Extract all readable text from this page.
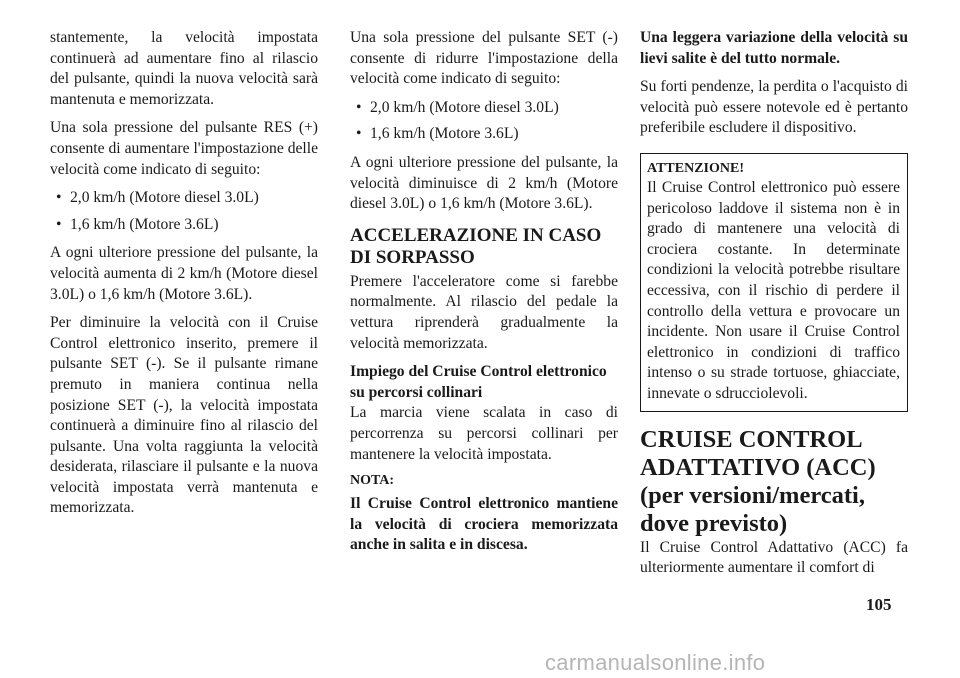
stantemente, la velocità impostata continuerà ad aumentare fino al rilascio del pulsante, quindi la nuova velocità sarà mantenuta e memorizzata.

Una sola pressione del pulsante RES (+) consente di aumentare l'impostazione delle velocità come indicato di seguito:

• 2,0 km/h (Motore diesel 3.0L)
• 1,6 km/h (Motore 3.6L)

A ogni ulteriore pressione del pulsante, la velocità aumenta di 2 km/h (Motore diesel 3.0L) o 1,6 km/h (Motore 3.6L).

Per diminuire la velocità con il Cruise Control elettronico inserito, premere il pulsante SET (-). Se il pulsante rimane premuto in maniera continua nella posizione SET (-), la velocità impostata continuerà a diminuire fino al rilascio del pulsante. Una volta raggiunta la velocità desiderata, rilasciare il pulsante e la nuova velocità impostata verrà mantenuta e memorizzata.

Una sola pressione del pulsante SET (-) consente di ridurre l'impostazione della velocità come indicato di seguito:

• 2,0 km/h (Motore diesel 3.0L)
• 1,6 km/h (Motore 3.6L)

A ogni ulteriore pressione del pulsante, la velocità diminuisce di 2 km/h (Motore diesel 3.0L) o 1,6 km/h (Motore 3.6L).

ACCELERAZIONE IN CASO DI SORPASSO

Premere l'acceleratore come si farebbe normalmente. Al rilascio del pedale la vettura riprenderà gradualmente la velocità memorizzata.

Impiego del Cruise Control elettronico su percorsi collinari

La marcia viene scalata in caso di percorrenza su percorsi collinari per mantenere la velocità impostata.

NOTA:

Il Cruise Control elettronico mantiene la velocità di crociera memorizzata anche in salita e in discesa.

Una leggera variazione della velocità su lievi salite è del tutto normale.

Su forti pendenze, la perdita o l'acquisto di velocità può essere notevole ed è pertanto preferibile escludere il dispositivo.

ATTENZIONE!

Il Cruise Control elettronico può essere pericoloso laddove il sistema non è in grado di mantenere una velocità di crociera costante. In determinate condizioni la velocità potrebbe risultare eccessiva, con il rischio di perdere il controllo della vettura e provocare un incidente. Non usare il Cruise Control elettronico in condizioni di traffico intenso o su strade tortuose, ghiacciate, innevate o sdrucciolevoli.

CRUISE CONTROL ADATTATIVO (ACC) (per versioni/mercati, dove previsto)

Il Cruise Control Adattativo (ACC) fa ulteriormente aumentare il comfort di

105
carmanualsonline.info
